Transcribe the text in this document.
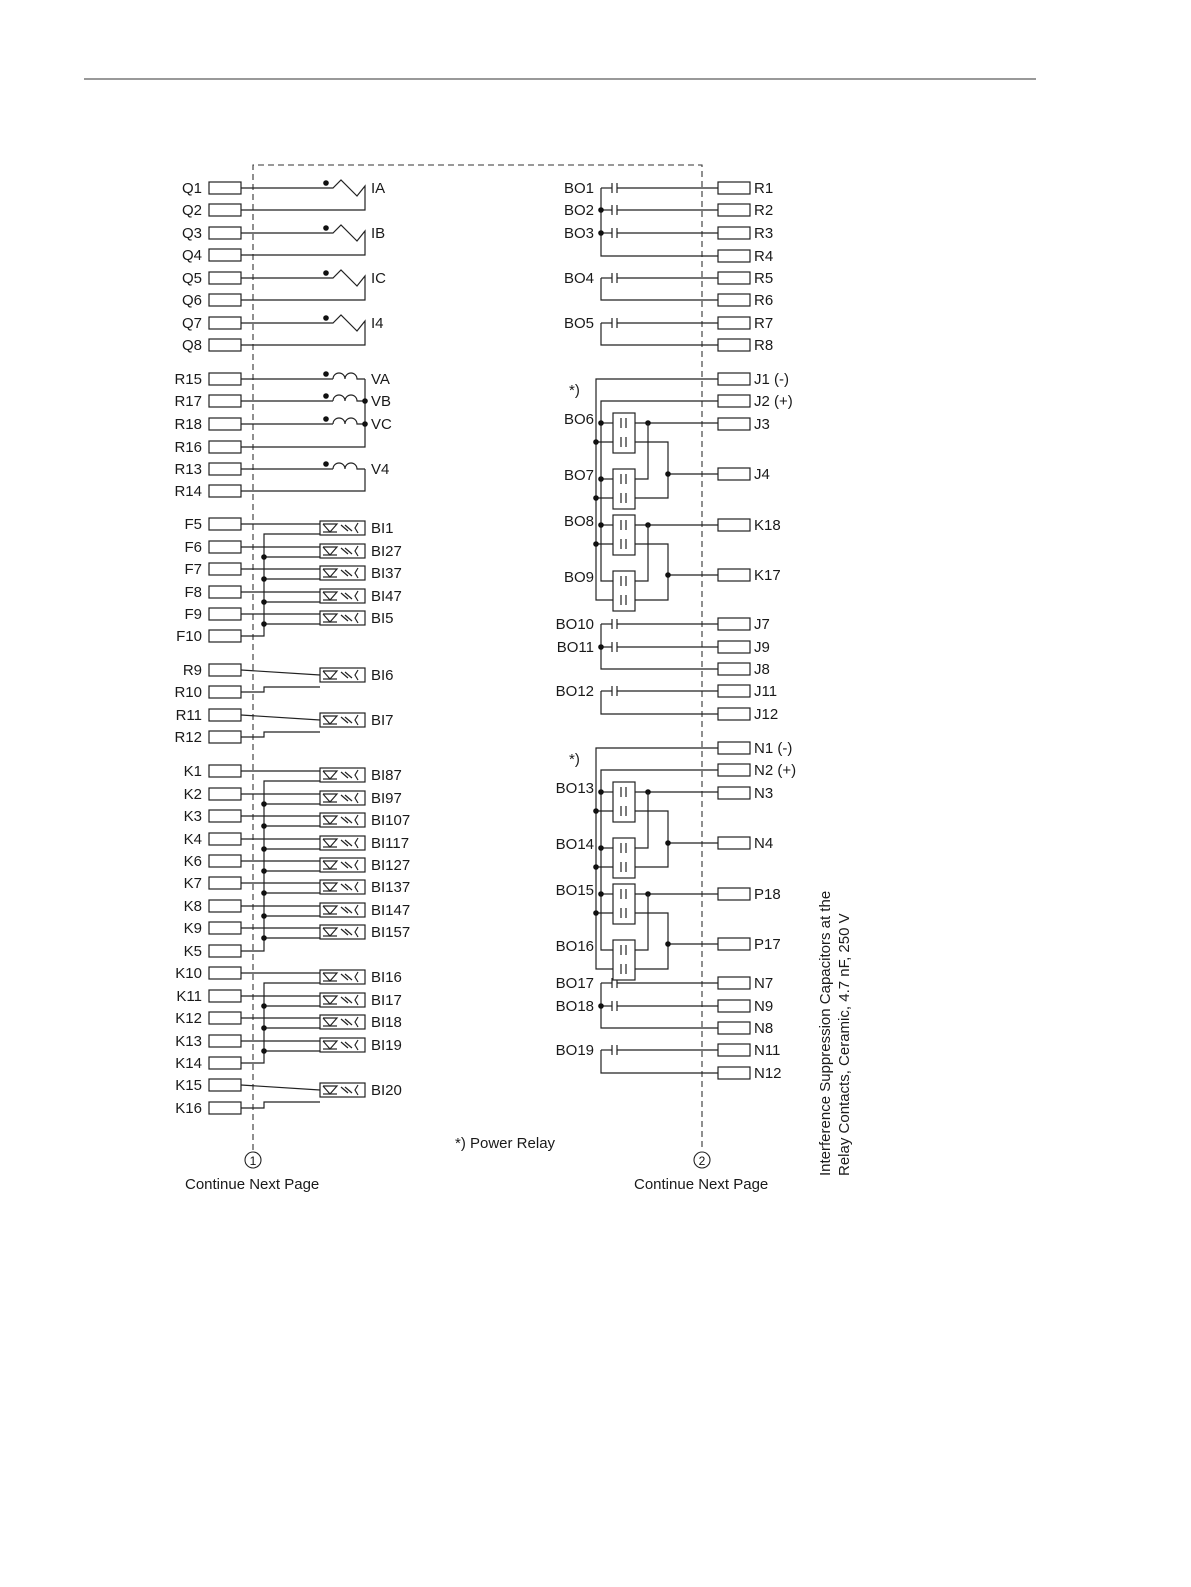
Q1
Q2
IA
Q3
Q4
IB
Q5
Q6
IC
Q7
Q8
I4
R15
R17
R18
R16
R13
R14
VA
VB
VC
V4
F5
F6
F7
F8
F9
F10
BI1
BI27
BI37
BI47
BI5
R9
R10
BI6
R11
R12
BI7
K1
K2
K3
K4
K6
K7
K8
K9
K5
BI87
BI97
BI107
BI117
BI127
BI137
BI147
BI157
K10
K11
K12
K13
K14
BI16
BI17
BI18
BI19
K15
K16
BI20
R1
R2
R3
R4
BO1
BO2
BO3
R5
R6
BO4
R7
R8
BO5
J7
J9
J8
BO10
BO11
J11
J12
BO12
N7
N9
N8
BO17
BO18
N11
N12
BO19
J1 (-)
J2 (+)
J3
J4
K18
K17
*)
BO6
BO7
BO8
BO9
N1 (-)
N2 (+)
N3
N4
P18
P17
*)
BO13
BO14
BO15
BO16
*) Power Relay
1	2
Continue Next Page	Continue Next Page
Interference Suppression Capacitors at the Relay Contacts, Ceramic, 4.7 nF, 250 V
